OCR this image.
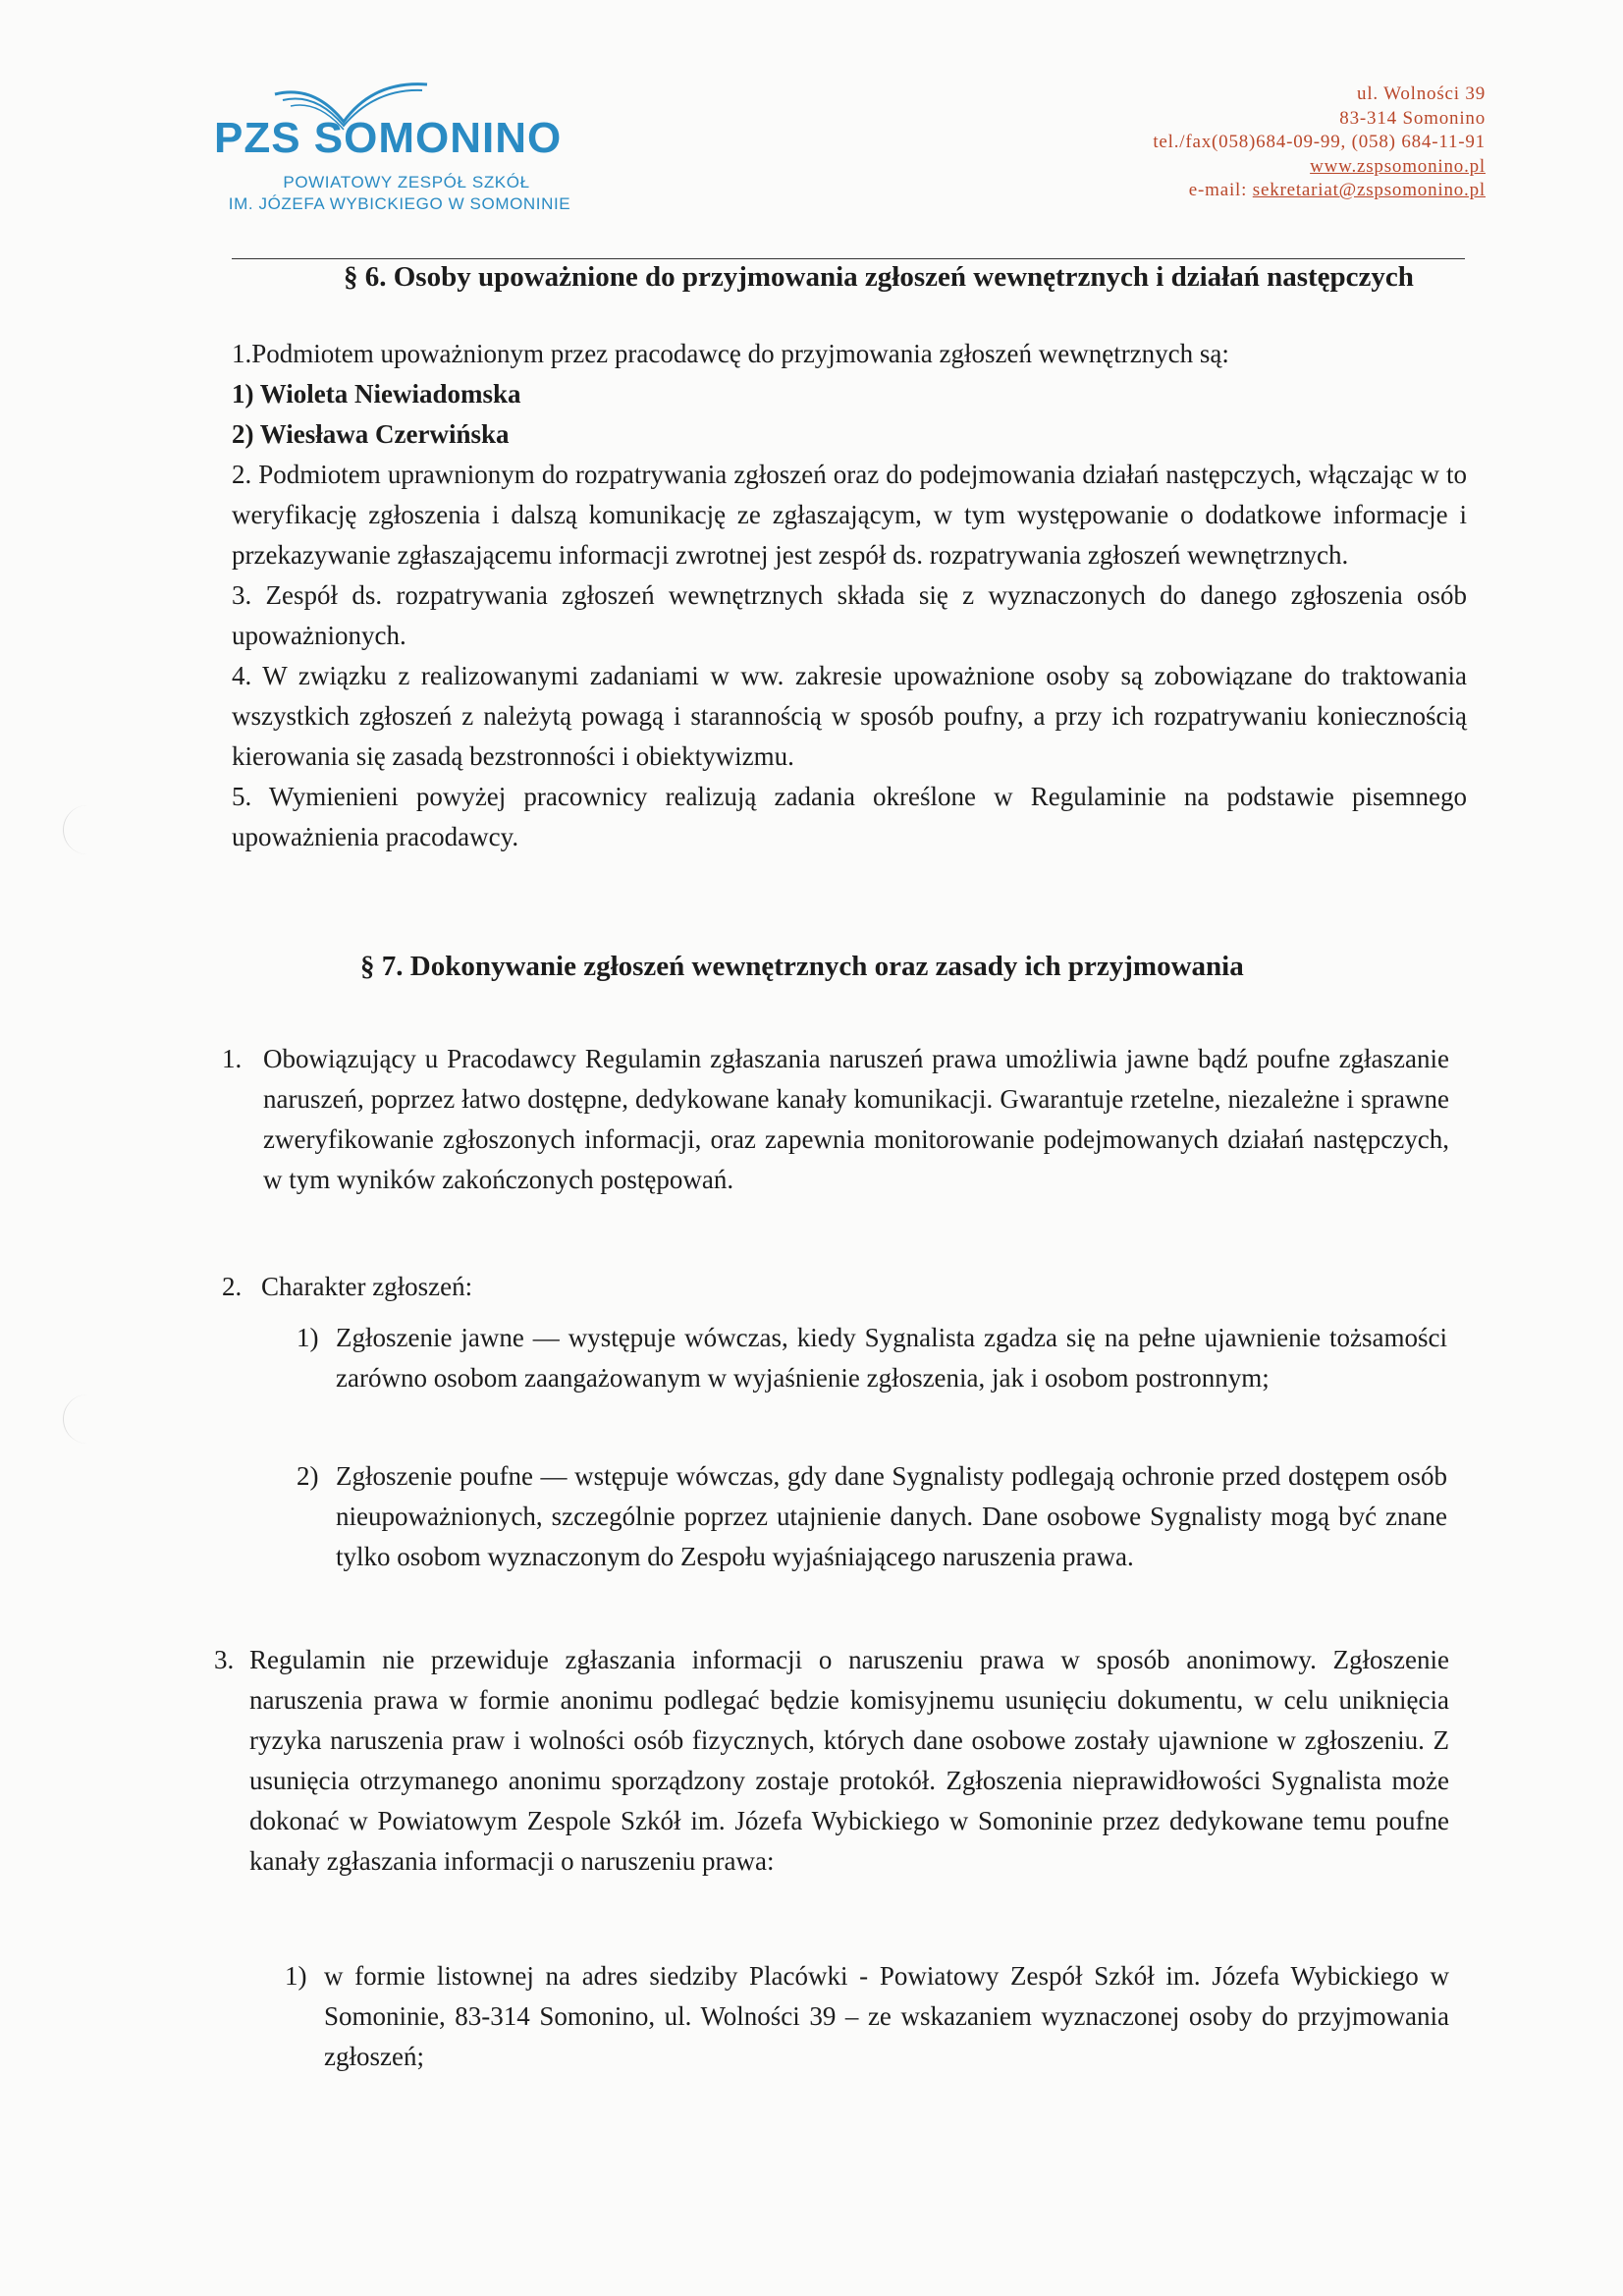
PZS SOMONINO
POWIATOWY ZESPÓŁ SZKÓŁ
IM. JÓZEFA WYBICKIEGO W SOMONINIE
ul. Wolności 39
83-314 Somonino
tel./fax(058)684-09-99, (058) 684-11-91
www.zspsomonino.pl
e-mail: sekretariat@zspsomonino.pl
§ 6. Osoby upoważnione do przyjmowania zgłoszeń wewnętrznych i działań następczych
1.Podmiotem upoważnionym przez pracodawcę do przyjmowania zgłoszeń wewnętrznych są:
1) Wioleta Niewiadomska
2) Wiesława Czerwińska
2. Podmiotem uprawnionym do rozpatrywania zgłoszeń oraz do podejmowania działań następczych, włączając w to weryfikację zgłoszenia i dalszą komunikację ze zgłaszającym, w tym występowanie o dodatkowe informacje i przekazywanie zgłaszającemu informacji zwrotnej jest zespół ds. rozpatrywania zgłoszeń wewnętrznych.
3. Zespół ds. rozpatrywania zgłoszeń wewnętrznych składa się z wyznaczonych do danego zgłoszenia osób upoważnionych.
4. W związku z realizowanymi zadaniami w ww. zakresie upoważnione osoby są zobowiązane do traktowania wszystkich zgłoszeń z należytą powagą i starannością w sposób poufny, a przy ich rozpatrywaniu koniecznością kierowania się zasadą bezstronności i obiektywizmu.
5. Wymienieni powyżej pracownicy realizują zadania określone w Regulaminie na podstawie pisemnego upoważnienia pracodawcy.
§ 7. Dokonywanie zgłoszeń wewnętrznych oraz zasady ich przyjmowania
1. Obowiązujący u Pracodawcy Regulamin zgłaszania naruszeń prawa umożliwia jawne bądź poufne zgłaszanie naruszeń, poprzez łatwo dostępne, dedykowane kanały komunikacji. Gwarantuje rzetelne, niezależne i sprawne zweryfikowanie zgłoszonych informacji, oraz zapewnia monitorowanie podejmowanych działań następczych, w tym wyników zakończonych postępowań.
2. Charakter zgłoszeń:
1) Zgłoszenie jawne — występuje wówczas, kiedy Sygnalista zgadza się na pełne ujawnienie tożsamości zarówno osobom zaangażowanym w wyjaśnienie zgłoszenia, jak i osobom postronnym;
2) Zgłoszenie poufne — wstępuje wówczas, gdy dane Sygnalisty podlegają ochronie przed dostępem osób nieupoważnionych, szczególnie poprzez utajnienie danych. Dane osobowe Sygnalisty mogą być znane tylko osobom wyznaczonym do Zespołu wyjaśniającego naruszenia prawa.
3. Regulamin nie przewiduje zgłaszania informacji o naruszeniu prawa w sposób anonimowy. Zgłoszenie naruszenia prawa w formie anonimu podlegać będzie komisyjnemu usunięciu dokumentu, w celu uniknięcia ryzyka naruszenia praw i wolności osób fizycznych, których dane osobowe zostały ujawnione w zgłoszeniu. Z usunięcia otrzymanego anonimu sporządzony zostaje protokół. Zgłoszenia nieprawidłowości Sygnalista może dokonać w Powiatowym Zespole Szkół im. Józefa Wybickiego w Somoninie przez dedykowane temu poufne kanały zgłaszania informacji o naruszeniu prawa:
1) w formie listownej na adres siedziby Placówki - Powiatowy Zespół Szkół im. Józefa Wybickiego w Somoninie, 83-314 Somonino, ul. Wolności 39 – ze wskazaniem wyznaczonej osoby do przyjmowania zgłoszeń;
